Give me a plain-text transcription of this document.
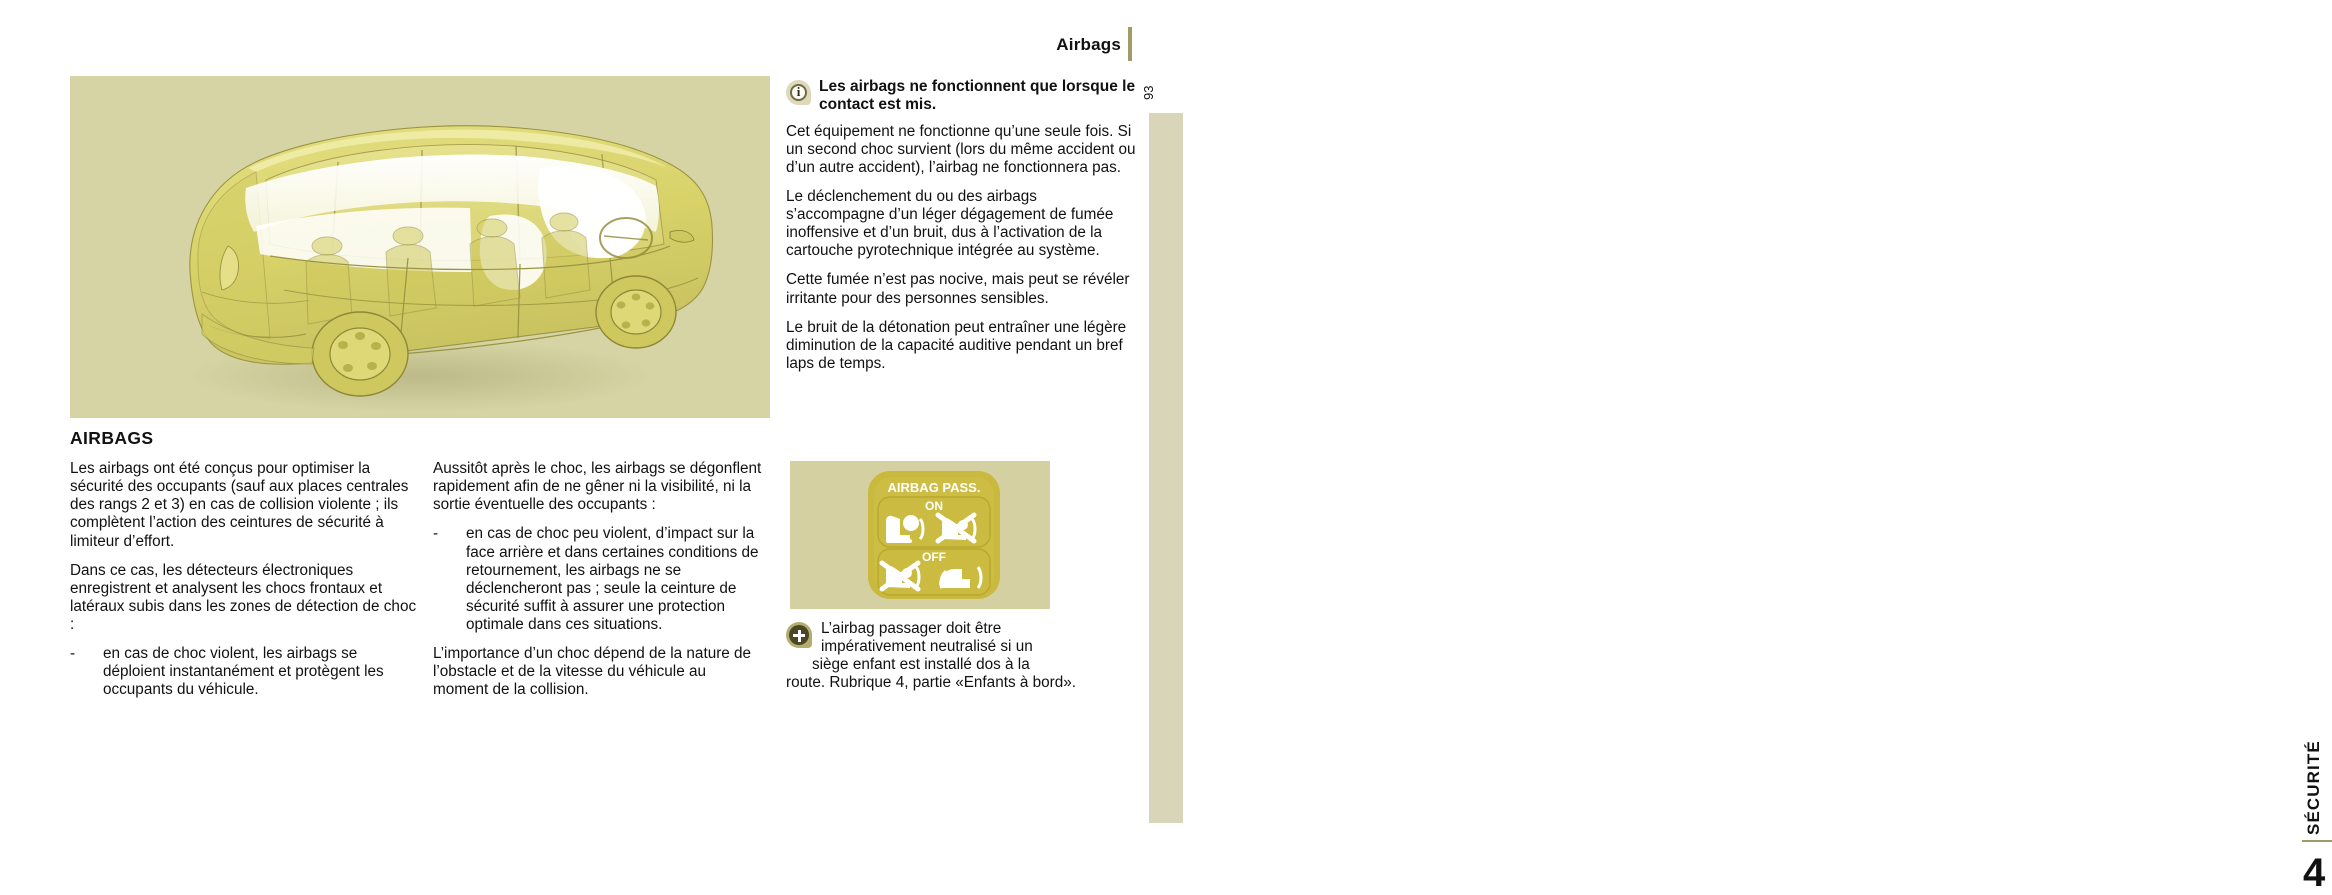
Airbags
93
SÉCURITÉ
4
i	Les airbags ne fonctionnent que lorsque le contact est mis.

Cet équipement ne fonctionne qu’une seule fois. Si un second choc survient (lors du même accident ou d’un autre accident), l’airbag ne fonctionnera pas.

Le déclenchement du ou des airbags s’accompagne d’un léger dégagement de fumée inoffensive et d’un bruit, dus à l’activation de la cartouche pyrotechnique intégrée au système.

Cette fumée n’est pas nocive, mais peut se révéler irritante pour des personnes sensibles.

Le bruit de la détonation peut entraîner une légère diminution de la capacité auditive pendant un bref laps de temps.

AIRBAGS

Les airbags ont été conçus pour optimiser la sécurité des occupants (sauf aux places centrales des rangs 2 et 3) en cas de collision violente ; ils complètent l’action des ceintures de sécurité à limiteur d’effort.

Dans ce cas, les détecteurs électroniques enregistrent et analysent les chocs frontaux et latéraux subis dans les zones de détection de choc :

-	en cas de choc violent, les airbags se déploient instantanément et protègent les occupants du véhicule.

Aussitôt après le choc, les airbags se dégonflent rapidement afin de ne gêner ni la visibilité, ni la sortie éventuelle des occupants :

-	en cas de choc peu violent, d’impact sur la face arrière et dans certaines conditions de retournement, les airbags ne se déclencheront pas ; seule la ceinture de sécurité suffit à assurer une protection optimale dans ces situations.

L’importance d’un choc dépend de la nature de l’obstacle et de la vitesse du véhicule au moment de la collision.

AIRBAG PASS.
ON
OFF
L’airbag passager doit être
impérativement neutralisé si un

siège enfant est installé dos à la
route. Rubrique 4, partie «Enfants à bord».
